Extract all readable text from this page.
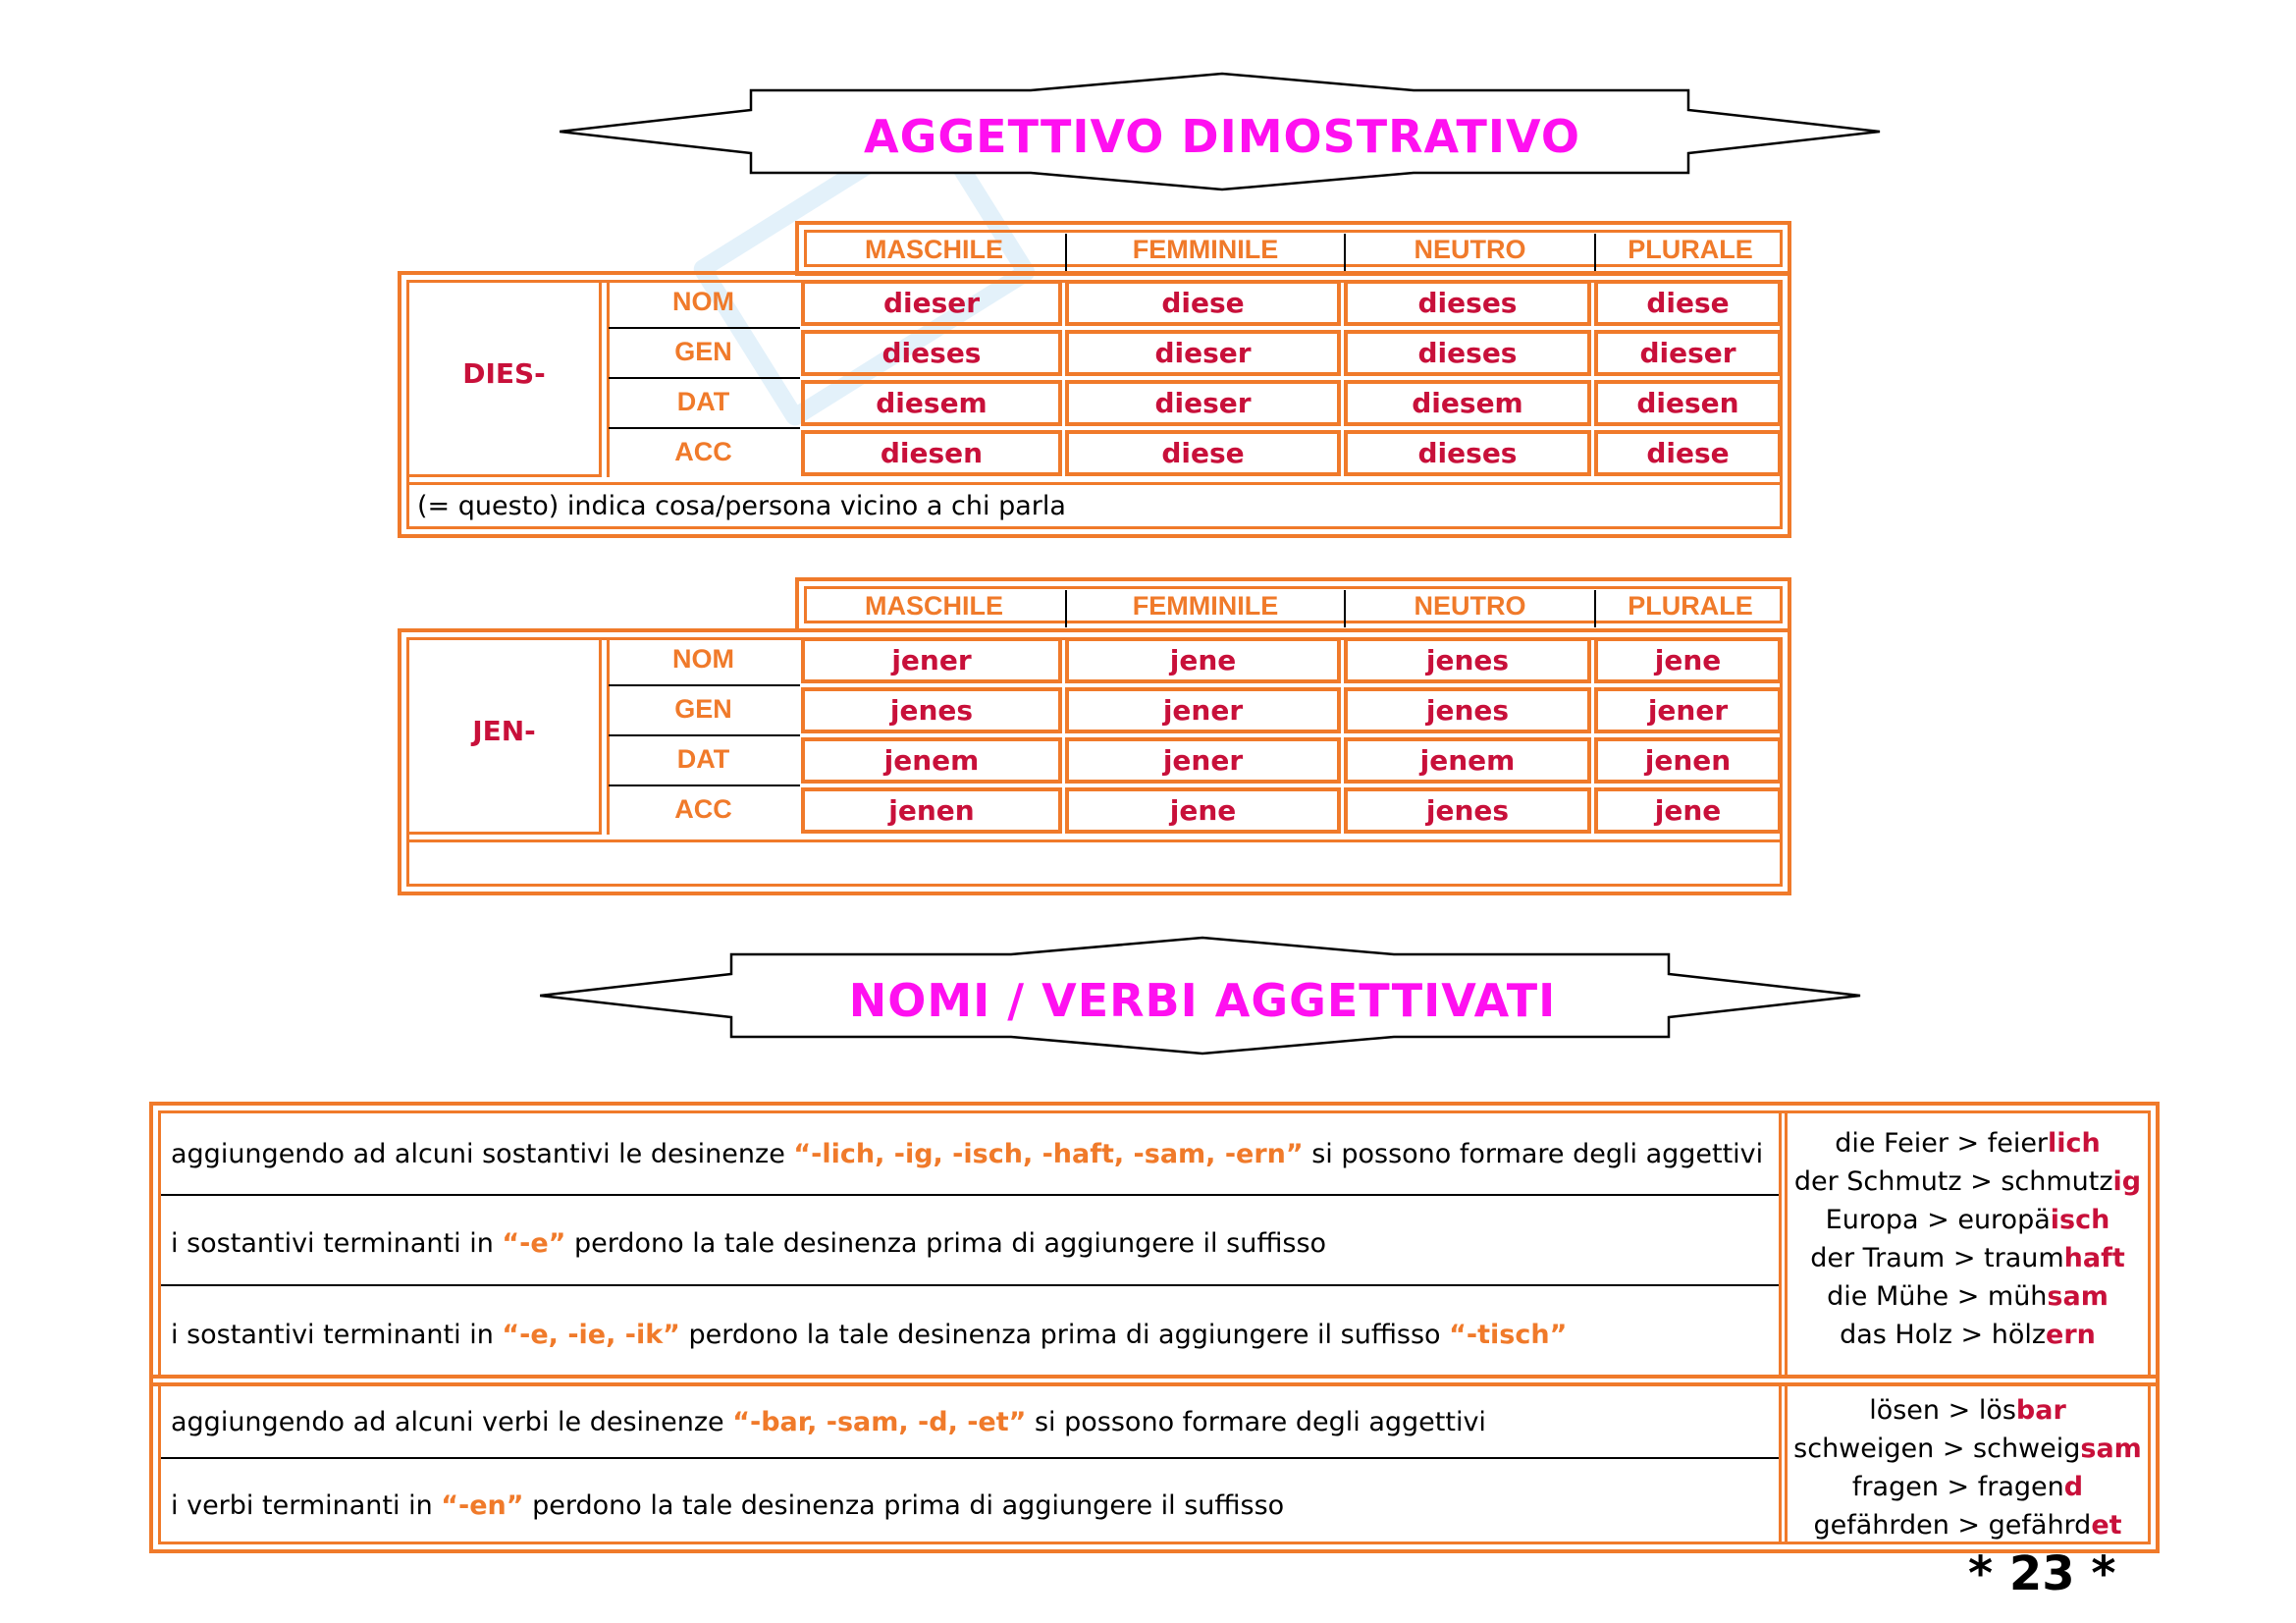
AGGETTIVO DIMOSTRATIVO
MASCHILE	FEMMINILE	NEUTRO	PLURALE
DIES-
NOM	dieser	diese	dieses	diese
GEN	dieses	dieser	dieses	dieser
DAT	diesem	dieser	diesem	diesen
ACC	diesen	diese	dieses	diese
(= questo) indica cosa/persona vicino a chi parla
MASCHILE	FEMMINILE	NEUTRO	PLURALE
JEN-
NOM	jener	jene	jenes	jene
GEN	jenes	jener	jenes	jener
DAT	jenem	jener	jenem	jenen
ACC	jenen	jene	jenes	jene
NOMI / VERBI AGGETTIVATI
aggiungendo ad alcuni sostantivi le desinenze “-lich, -ig, -isch, -haft, -sam, -ern” si possono formare degli aggettivi
i sostantivi terminanti in “-e” perdono la tale desinenza prima di aggiungere il suffisso
i sostantivi terminanti in “-e, -ie, -ik” perdono la tale desinenza prima di aggiungere il suffisso “-tisch”
die Feier > feierlich
der Schmutz > schmutzig
Europa > europäisch
der Traum > traumhaft
die Mühe > mühsam
das Holz > hölzern
aggiungendo ad alcuni verbi le desinenze “-bar, -sam, -d, -et” si possono formare degli aggettivi
i verbi terminanti in “-en” perdono la tale desinenza prima di aggiungere il suffisso
lösen > lösbar
schweigen > schweigsam
fragen > fragend
gefährden > gefährdet
* 23 *
